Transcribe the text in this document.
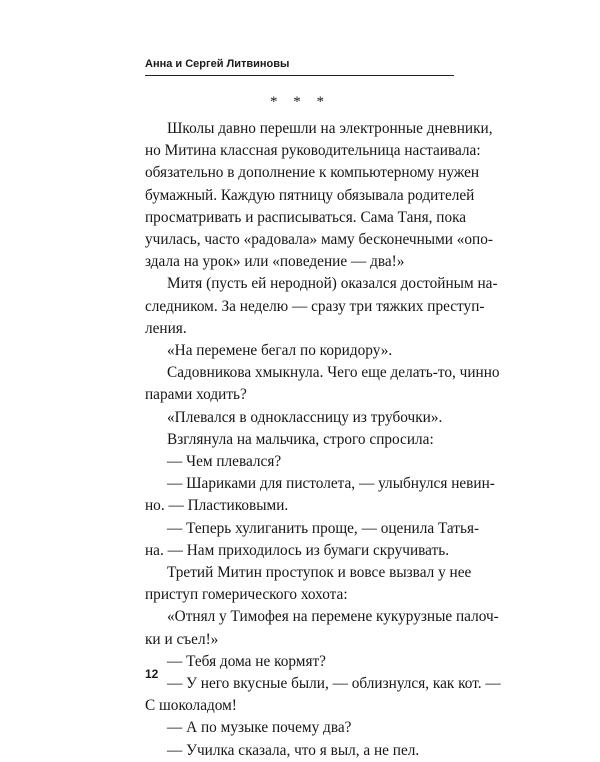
Анна и Сергей Литвиновы
* * *
Школы давно перешли на электронные дневники,
но Митина классная руководительница настаивала:
обязательно в дополнение к компьютерному нужен
бумажный. Каждую пятницу обязывала родителей
просматривать и расписываться. Сама Таня, пока
училась, часто «радовала» маму бесконечными «опо-
здала на урок» или «поведение — два!»
Митя (пусть ей неродной) оказался достойным на-
следником. За неделю — сразу три тяжких преступ-
ления.
«На перемене бегал по коридору».
Садовникова хмыкнула. Чего еще делать-то, чинно
парами ходить?
«Плевался в одноклассницу из трубочки».
Взглянула на мальчика, строго спросила:
— Чем плевался?
— Шариками для пистолета, — улыбнулся невин-
но. — Пластиковыми.
— Теперь хулиганить проще, — оценила Татья-
на. — Нам приходилось из бумаги скручивать.
Третий Митин проступок и вовсе вызвал у нее
приступ гомерического хохота:
«Отнял у Тимофея на перемене кукурузные палоч-
ки и съел!»
— Тебя дома не кормят?
— У него вкусные были, — облизнулся, как кот. —
С шоколадом!
— А по музыке почему два?
— Училка сказала, что я выл, а не пел.
12
